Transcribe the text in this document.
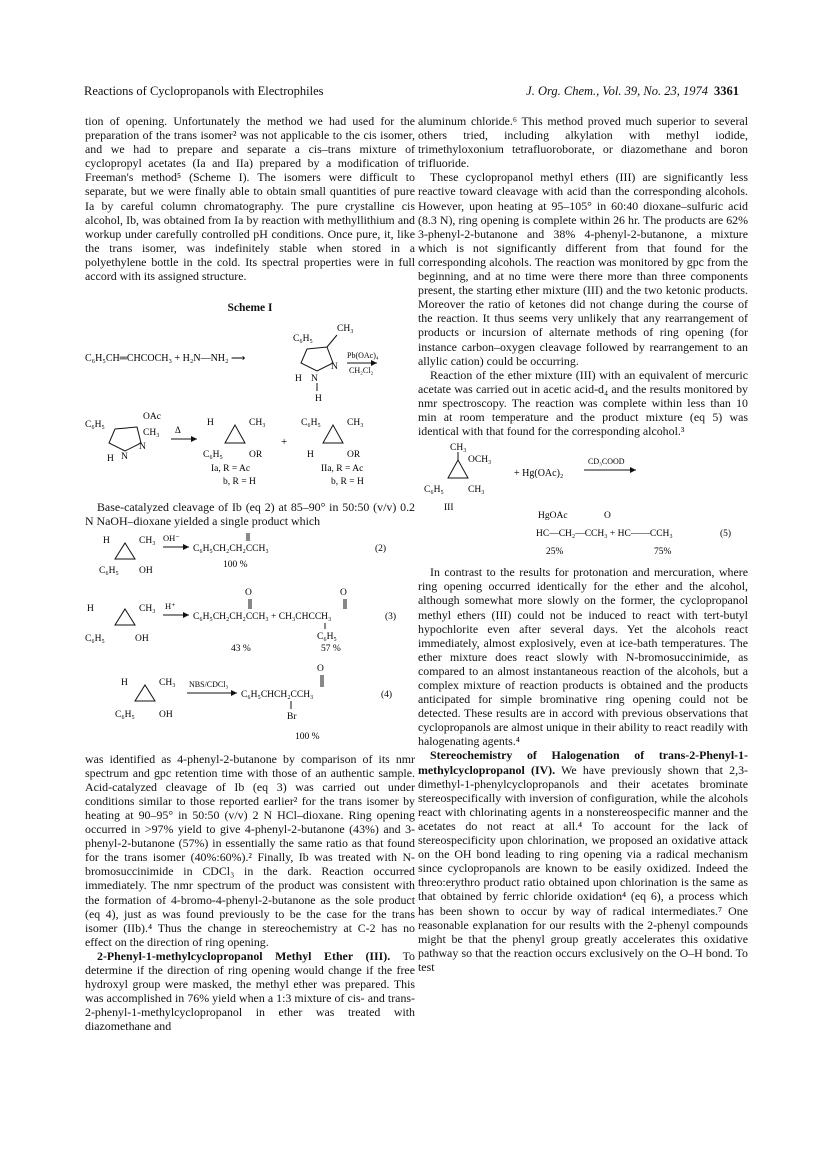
Reactions of Cyclopropanols with Electrophiles	J. Org. Chem., Vol. 39, No. 23, 1974 3361

tion of opening. Unfortunately the method we had used for the preparation of the trans isomer² was not applicable to the cis isomer, and we had to prepare and separate a cis–trans mixture of cyclopropyl acetates (Ia and IIa) prepared by a modification of Freeman's method⁵ (Scheme I). The isomers were difficult to separate, but we were finally able to obtain small quantities of pure Ia by careful column chromatography. The pure crystalline cis alcohol, Ib, was obtained from Ia by reaction with methyllithium and workup under carefully controlled pH conditions. Once pure, it, like the trans isomer, was indefinitely stable when stored in a polyethylene bottle in the cold. Its spectral properties were in full accord with its assigned structure.

Scheme I
C₆H₅CH═CHCOCH₃ + H₂N—NH₂ ⟶
C₆H₅
CH₃
N
N
H
H
Pb(OAc)₄
CH₂Cl₂
C₆H₅
OAc
CH₃
N
N
H
Δ
H	CH₃
C₆H₅	OR
+
C₆H₅	CH₃
H	OR
Ia, R = Ac
b, R = H
IIa, R = Ac
b, R = H

Base-catalyzed cleavage of Ib (eq 2) at 85–90° in 50:50 (v/v) 0.2 N NaOH–dioxane yielded a single product which

H	CH₃
C₆H₅ OH
OH⁻
C₆H₅CH₂CH₂CCH₃
100 %
(2)
H	CH₃
C₆H₅	OH
H⁺
C₆H₅CH₂CH₂CCH₃ + CH₃CHCCH₃
O	O
C₆H₅
(3)
43 %	57 %
H	CH₃
C₆H₅	OH
NBS/CDCl₃
C₆H₅CHCH₂CCH₃
O
Br
(4)
100 %

was identified as 4-phenyl-2-butanone by comparison of its nmr spectrum and gpc retention time with those of an authentic sample. Acid-catalyzed cleavage of Ib (eq 3) was carried out under conditions similar to those reported earlier² for the trans isomer by heating at 90–95° in 50:50 (v/v) 2 N HCl–dioxane. Ring opening occurred in >97% yield to give 4-phenyl-2-butanone (43%) and 3-phenyl-2-butanone (57%) in essentially the same ratio as that found for the trans isomer (40%:60%).² Finally, Ib was treated with N-bromosuccinimide in CDCl₃ in the dark. Reaction occurred immediately. The nmr spectrum of the product was consistent with the formation of 4-bromo-4-phenyl-2-butanone as the sole product (eq 4), just as was found previously to be the case for the trans isomer (IIb).⁴ Thus the change in stereochemistry at C-2 has no effect on the direction of ring opening.

2-Phenyl-1-methylcyclopropanol Methyl Ether (III). To determine if the direction of ring opening would change if the free hydroxyl group were masked, the methyl ether was prepared. This was accomplished in 76% yield when a 1:3 mixture of cis- and trans-2-phenyl-1-methylcyclopropanol in ether was treated with diazomethane and

aluminum chloride.⁶ This method proved much superior to several others tried, including alkylation with methyl iodide, trimethyloxonium tetrafluoroborate, or diazomethane and boron trifluoride.

These cyclopropanol methyl ethers (III) are significantly less reactive toward cleavage with acid than the corresponding alcohols. However, upon heating at 95–105° in 60:40 dioxane–sulfuric acid (8.3 N), ring opening is complete within 26 hr. The products are 62% 3-phenyl-2-butanone and 38% 4-phenyl-2-butanone, a mixture which is not significantly different from that found for the corresponding alcohols. The reaction was monitored by gpc from the beginning, and at no time were there more than three components present, the starting ether mixture (III) and the two ketonic products. Moreover the ratio of ketones did not change during the course of the reaction. It thus seems very unlikely that any rearrangement of products or incursion of alternate methods of ring opening (for instance carbon–oxygen cleavage followed by rearrangement to an allylic cation) could be occurring.

Reaction of the ether mixture (III) with an equivalent of mercuric acetate was carried out in acetic acid-d₄ and the results monitored by nmr spectroscopy. The reaction was complete within less than 10 min at room temperature and the product mixture (eq 5) was identical with that found for the corresponding alcohol.³

CH₃
OCH₃
C₆H₅	CH₃
III
+ Hg(OAc)₂
CD₃COOD
HgOAc	O
HC—CH₂—CCH₃ + HC——CCH₃	(5)
25%	75%

In contrast to the results for protonation and mercuration, where ring opening occurred identically for the ether and the alcohol, although somewhat more slowly on the former, the cyclopropanol methyl ethers (III) could not be induced to react with tert-butyl hypochlorite even after several days. Yet the alcohols react immediately, almost explosively, even at ice-bath temperatures. The ether mixture does react slowly with N-bromosuccinimide, as compared to an almost instantaneous reaction of the alcohols, but a complex mixture of reaction products is obtained and the products anticipated for simple brominative ring opening could not be detected. These results are in accord with previous observations that cyclopropanols are almost unique in their ability to react readily with halogenating agents.⁴

Stereochemistry of Halogenation of trans-2-Phenyl-1-methylcyclopropanol (IV). We have previously shown that 2,3-dimethyl-1-phenylcyclopropanols and their acetates brominate stereospecifically with inversion of configuration, while the alcohols react with chlorinating agents in a nonstereospecific manner and the acetates do not react at all.⁴ To account for the lack of stereospecificity upon chlorination, we proposed an oxidative attack on the OH bond leading to ring opening via a radical mechanism since cyclopropanols are known to be easily oxidized. Indeed the threo:erythro product ratio obtained upon chlorination is the same as that obtained by ferric chloride oxidation⁴ (eq 6), a process which has been shown to occur by way of radical intermediates.⁷ One reasonable explanation for our results with the 2-phenyl compounds might be that the phenyl group greatly accelerates this oxidative pathway so that the reaction occurs exclusively on the O–H bond. To test
